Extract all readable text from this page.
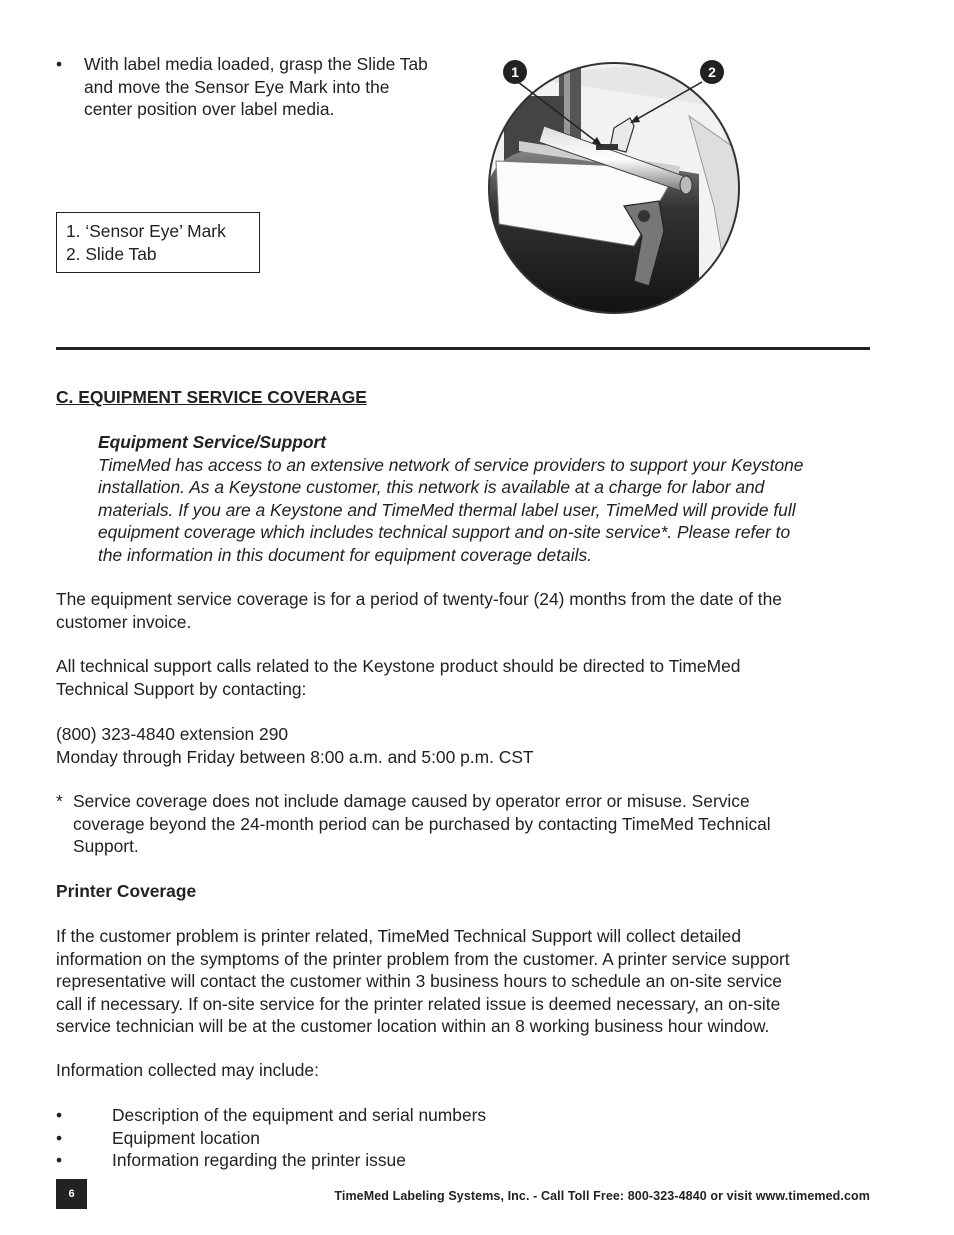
• With label media loaded, grasp the Slide Tab

and move the Sensor Eye Mark into the

center position over label media.

1. ‘Sensor Eye’ Mark

2. Slide Tab

1	2
C. EQUIPMENT SERVICE COVERAGE

Equipment Service/Support

TimeMed has access to an extensive network of service providers to support your Keystone

installation. As a Keystone customer, this network is available at a charge for labor and

materials. If you are a Keystone and TimeMed thermal label user, TimeMed will provide full

equipment coverage which includes technical support and on-site service*. Please refer to

the information in this document for equipment coverage details.

The equipment service coverage is for a period of twenty-four (24) months from the date of the

customer invoice.

All technical support calls related to the Keystone product should be directed to TimeMed

Technical Support by contacting:

(800) 323-4840 extension 290

Monday through Friday between 8:00 a.m. and 5:00 p.m. CST

* Service coverage does not include damage caused by operator error or misuse. Service

coverage beyond the 24-month period can be purchased by contacting TimeMed Technical

Support.

Printer Coverage

If the customer problem is printer related, TimeMed Technical Support will collect detailed

information on the symptoms of the printer problem from the customer. A printer service support

representative will contact the customer within 3 business hours to schedule an on-site service

call if necessary. If on-site service for the printer related issue is deemed necessary, an on-site

service technician will be at the customer location within an 8 working business hour window.

Information collected may include:
•	Description of the equipment and serial numbers
•	Equipment location
•	Information regarding the printer issue
6	TimeMed Labeling Systems, Inc. - Call Toll Free: 800-323-4840 or visit www.timemed.com
